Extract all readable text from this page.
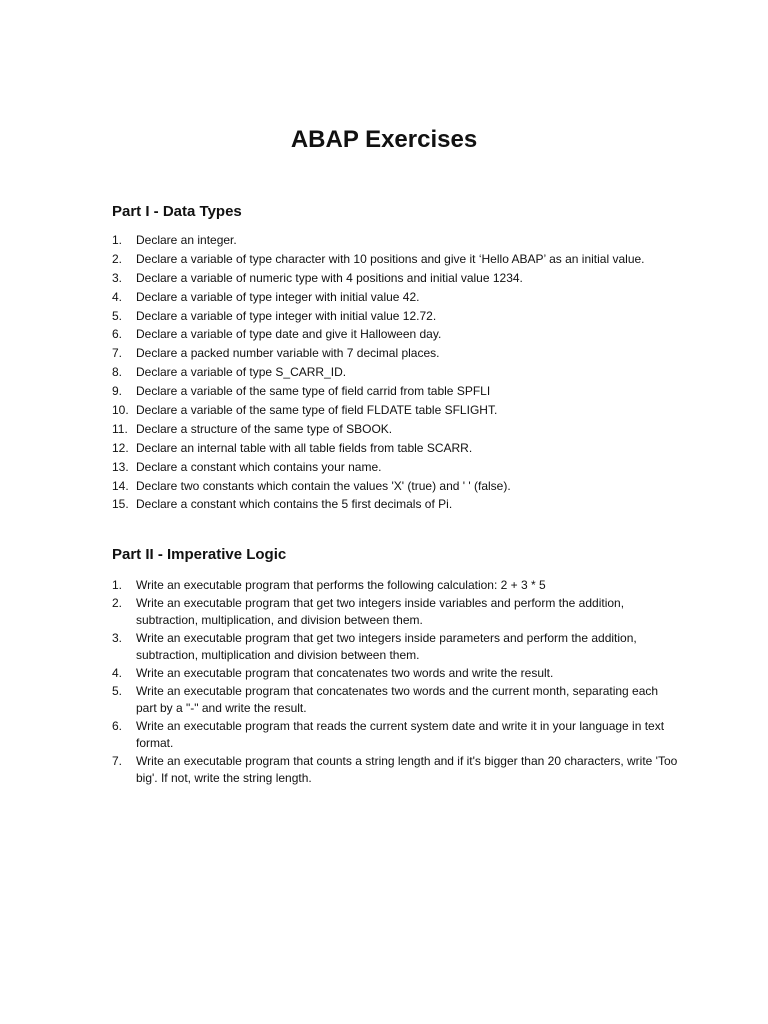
ABAP Exercises
Part I - Data Types
1.	Declare an integer.
2.	Declare a variable of type character with 10 positions and give it ‘Hello ABAP’ as an initial value.
3.	Declare a variable of numeric type with 4 positions and initial value 1234.
4.	Declare a variable of type integer with initial value 42.
5.	Declare a variable of type integer with initial value 12.72.
6.	Declare a variable of type date and give it Halloween day.
7.	Declare a packed number variable with 7 decimal places.
8.	Declare a variable of type S_CARR_ID.
9.	Declare a variable of the same type of field carrid from table SPFLI
10. Declare a variable of the same type of field FLDATE table SFLIGHT.
11. Declare a structure of the same type of SBOOK.
12. Declare an internal table with all table fields from table SCARR.
13. Declare a constant which contains your name.
14. Declare two constants which contain the values 'X' (true) and ' ' (false).
15. Declare a constant which contains the 5 first decimals of Pi.
Part II - Imperative Logic
1.	Write an executable program that performs the following calculation: 2 + 3 * 5
2.	Write an executable program that get two integers inside variables and perform the addition, subtraction, multiplication, and division between them.
3.	Write an executable program that get two integers inside parameters and perform the addition, subtraction, multiplication and division between them.
4.	Write an executable program that concatenates two words and write the result.
5.	Write an executable program that concatenates two words and the current month, separating each part by a "-" and write the result.
6.	Write an executable program that reads the current system date and write it in your language in text format.
7.	Write an executable program that counts a string length and if it's bigger than 20 characters, write 'Too big'. If not, write the string length.
